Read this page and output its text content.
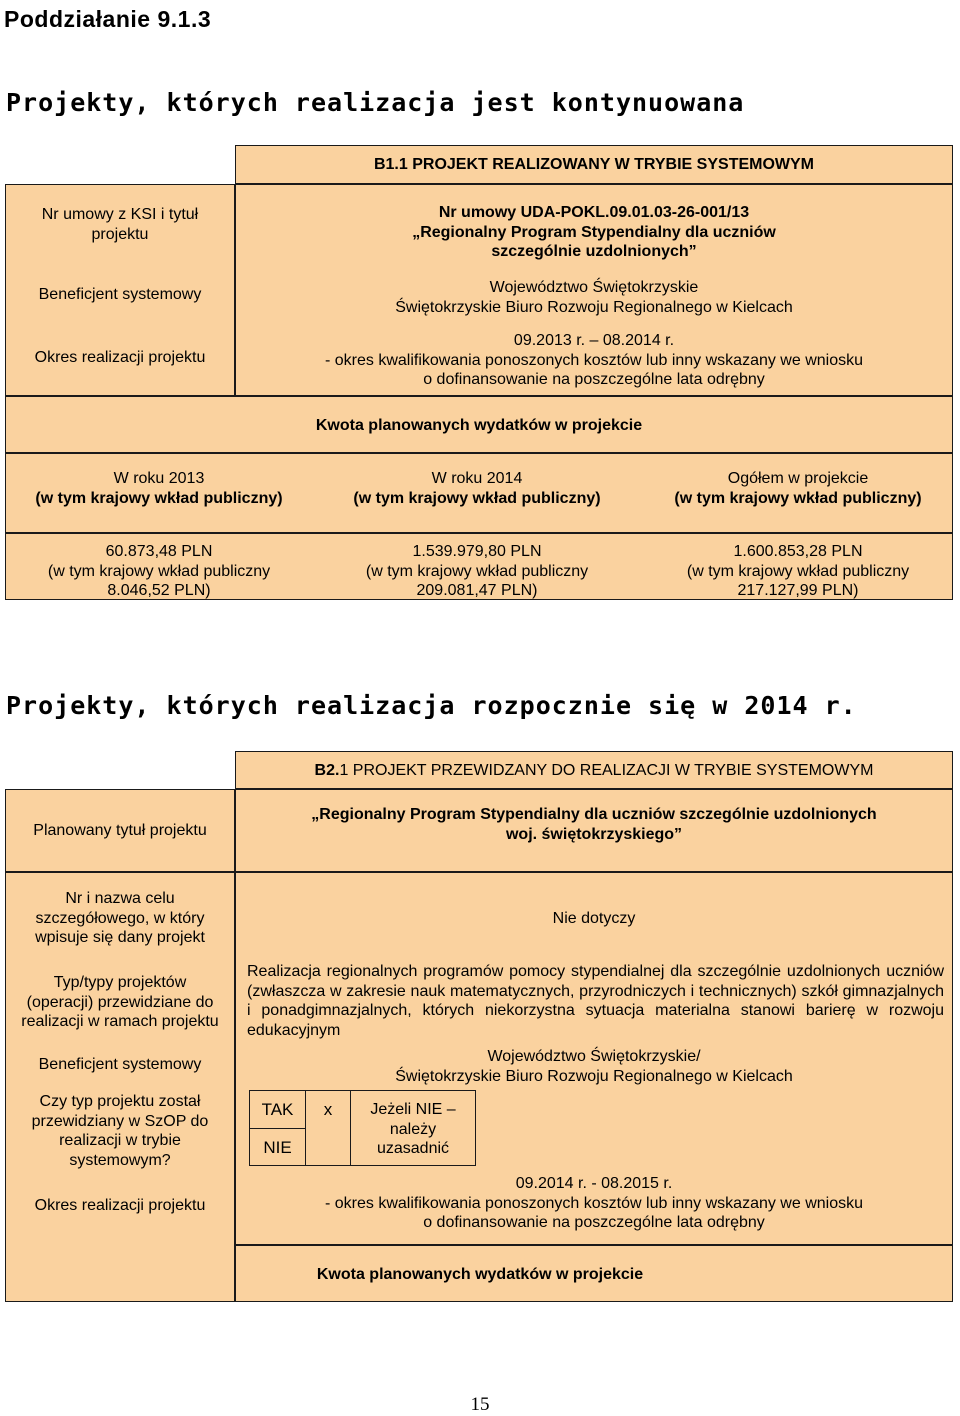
Poddziałanie 9.1.3
Projekty, których realizacja jest kontynuowana
B1.1 PROJEKT REALIZOWANY W TRYBIE SYSTEMOWYM
Nr umowy z KSI i tytuł
projektu
Beneficjent systemowy
Okres realizacji projektu
Nr umowy UDA-POKL.09.01.03-26-001/13
„Regionalny Program Stypendialny dla uczniów
szczególnie uzdolnionych”
Województwo Świętokrzyskie
Świętokrzyskie Biuro Rozwoju Regionalnego w Kielcach
09.2013 r. – 08.2014 r.
- okres kwalifikowania ponoszonych kosztów lub inny wskazany we wniosku
o dofinansowanie na poszczególne lata odrębny
Kwota planowanych wydatków w projekcie
W roku 2013
(w tym krajowy wkład publiczny)
W roku 2014
(w tym krajowy wkład publiczny)
Ogółem w projekcie
(w tym krajowy wkład publiczny)
60.873,48 PLN
(w tym krajowy wkład publiczny
8.046,52 PLN)
1.539.979,80 PLN
(w tym krajowy wkład publiczny
209.081,47 PLN)
1.600.853,28 PLN
(w tym krajowy wkład publiczny
217.127,99 PLN)
Projekty, których realizacja rozpocznie się w 2014 r.
B2.1 PROJEKT PRZEWIDZANY DO REALIZACJI W TRYBIE SYSTEMOWYM
Planowany tytuł projektu
„Regionalny Program Stypendialny dla uczniów szczególnie uzdolnionych
woj. świętokrzyskiego”
Nr i nazwa celu
szczegółowego, w który
wpisuje się dany projekt
Typ/typy projektów
(operacji) przewidziane do
realizacji w ramach projektu
Beneficjent systemowy
Czy typ projektu został
przewidziany w SzOP do
realizacji w trybie
systemowym?
Okres realizacji projektu
Nie dotyczy
Realizacja regionalnych programów pomocy stypendialnej dla szczególnie uzdolnionych uczniów (zwłaszcza w zakresie nauk matematycznych, przyrodniczych i technicznych) szkół gimnazjalnych i ponadgimnazjalnych, których niekorzystna sytuacja materialna stanowi barierę w rozwoju edukacyjnym
Województwo Świętokrzyskie/
Świętokrzyskie Biuro Rozwoju Regionalnego w Kielcach
09.2014 r. - 08.2015 r.
- okres kwalifikowania ponoszonych kosztów lub inny wskazany we wniosku
o dofinansowanie na poszczególne lata odrębny
TAK
NIE
x	Jeżeli NIE –
należy
uzasadnić
Kwota planowanych wydatków w projekcie
15
